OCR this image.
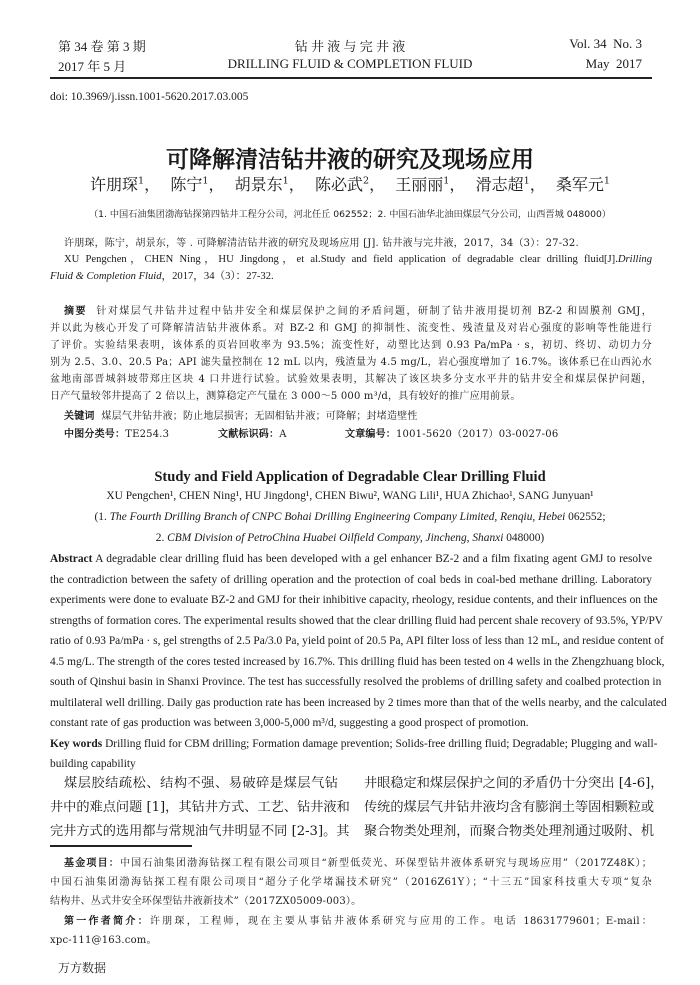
第 34 卷 第 3 期
2017 年 5 月
钻 井 液 与 完 井 液
DRILLING FLUID & COMPLETION FLUID
Vol. 34  No. 3
May  2017
doi: 10.3969/j.issn.1001-5620.2017.03.005
可降解清洁钻井液的研究及现场应用
许朋琛$^1$，  陈宁$^1$，  胡景东$^1$，  陈必武$^2$，  王丽丽$^1$，  滑志超$^1$，  桑军元$^1$
（1. 中国石油集团渤海钻探第四钻井工程分公司，河北任丘 062552；2. 中国石油华北油田煤层气分公司，山西晋城 048000）
许朋琛，陈宁，胡景东，等 . 可降解清洁钻井液的研究及现场应用 [J]. 钻井液与完井液，2017，34（3）：27-32.
XU Pengchen，CHEN Ning，HU Jingdong，et al.Study and field application of degradable clear drilling fluid[J].Drilling
Fluid & Completion Fluid，2017，34（3）：27-32.
摘要 针对煤层气井钻井过程中钻井安全和煤层保护之间的矛盾问题，研制了钻井液用提切剂 BZ-2 和固膜剂 GMJ，
并以此为核心开发了可降解清洁钻井液体系。对 BZ-2 和 GMJ 的抑制性、流变性、残渣量及对岩心强度的影响等性能进行
了评价。实验结果表明，该体系的页岩回收率为 93.5%；流变性好，动塑比达到 0.93 Pa/mPa · s，初切、终切、动切力分
别为 2.5、3.0、20.5 Pa；API 滤失量控制在 12 mL 以内，残渣量为 4.5 mg/L，岩心强度增加了 16.7%。该体系已在山西沁水
盆地南部晋城斜坡带郑庄区块 4 口井进行试验。试验效果表明，其解决了该区块多分支水平井的钻井安全和煤层保护问题，
日产气量较邻井提高了 2 倍以上，测算稳定产气量在 3 000～5 000 m³/d，具有较好的推广应用前景。
关键词 煤层气井钻井液；防止地层损害；无固相钻井液；可降解；封堵造壁性
中图分类号：TE254.3	文献标识码：A	文章编号：1001-5620（2017）03-0027-06
Study and Field Application of Degradable Clear Drilling Fluid
XU Pengchen¹, CHEN Ning¹, HU Jingdong¹, CHEN Biwu², WANG Lili¹, HUA Zhichao¹, SANG Junyuan¹
(1. The Fourth Drilling Branch of CNPC Bohai Drilling Engineering Company Limited, Renqiu, Hebei 062552;
2. CBM Division of PetroChina Huabei Oilfield Company, Jincheng, Shanxi 048000)
Abstract A degradable clear drilling fluid has been developed with a gel enhancer BZ-2 and a film fixating agent GMJ to resolve
the contradiction between the safety of drilling operation and the protection of coal beds in coal-bed methane drilling. Laboratory
experiments were done to evaluate BZ-2 and GMJ for their inhibitive capacity, rheology, residue contents, and their influences on the
strengths of formation cores. The experimental results showed that the clear drilling fluid had percent shale recovery of 93.5%, YP/PV
ratio of 0.93 Pa/mPa · s, gel strengths of 2.5 Pa/3.0 Pa, yield point of 20.5 Pa, API filter loss of less than 12 mL, and residue content of
4.5 mg/L. The strength of the cores tested increased by 16.7%. This drilling fluid has been tested on 4 wells in the Zhengzhuang block,
south of Qinshui basin in Shanxi Province. The test has successfully resolved the problems of drilling safety and coalbed protection in
multilateral well drilling. Daily gas production rate has been increased by 2 times more than that of the wells nearby, and the calculated
constant rate of gas production was between 3,000-5,000 m³/d, suggesting a good prospect of promotion.
Key words Drilling fluid for CBM drilling; Formation damage prevention; Solids-free drilling fluid; Degradable; Plugging and wall-
building capability
煤层胶结疏松、结构不强、易破碎是煤层气钻
井中的难点问题 [1]，其钻井方式、工艺、钻井液和
完井方式的选用都与常规油气井明显不同 [2-3]。其
井眼稳定和煤层保护之间的矛盾仍十分突出 [4-6]，
传统的煤层气井钻井液均含有膨润土等固相颗粒或
聚合物类处理剂，而聚合物类处理剂通过吸附、机
基金项目：中国石油集团渤海钻探工程有限公司项目“新型低荧光、环保型钻井液体系研究与现场应用”（2017Z48K）；
中国石油集团渤海钻探工程有限公司项目“超分子化学堵漏技术研究”（2016Z61Y）；“十三五”国家科技重大专项“复杂
结构井、丛式井安全环保型钻井液新技术”（2017ZX05009-003）。
第一作者简介：许朋琛，工程师，现在主要从事钻井液体系研究与应用的工作。电话 18631779601；E-mail：
xpc-111@163.com。
万方数据
